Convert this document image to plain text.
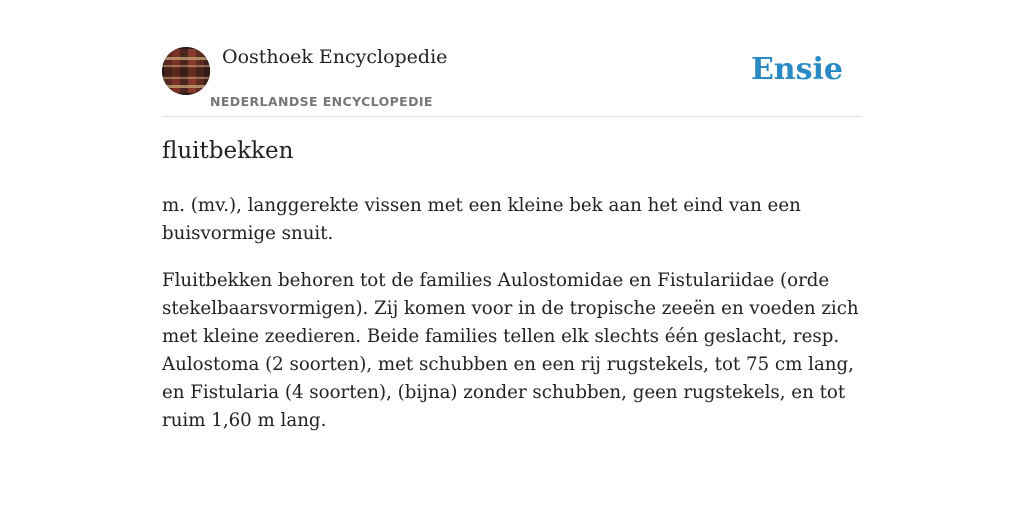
Oosthoek Encyclopedie
NEDERLANDSE ENCYCLOPEDIE
Ensie
fluitbekken

m. (mv.), langgerekte vissen met een kleine bek aan het eind van een buisvormige snuit.

Fluitbekken behoren tot de families Aulostomidae en Fistulariidae (orde stekelbaarsvormigen). Zij komen voor in de tropische zeeën en voeden zich met kleine zeedieren. Beide families tellen elk slechts één geslacht, resp. Aulostoma (2 soorten), met schubben en een rij rugstekels, tot 75 cm lang, en Fistularia (4 soorten), (bijna) zonder schubben, geen rugstekels, en tot ruim 1,60 m lang.
